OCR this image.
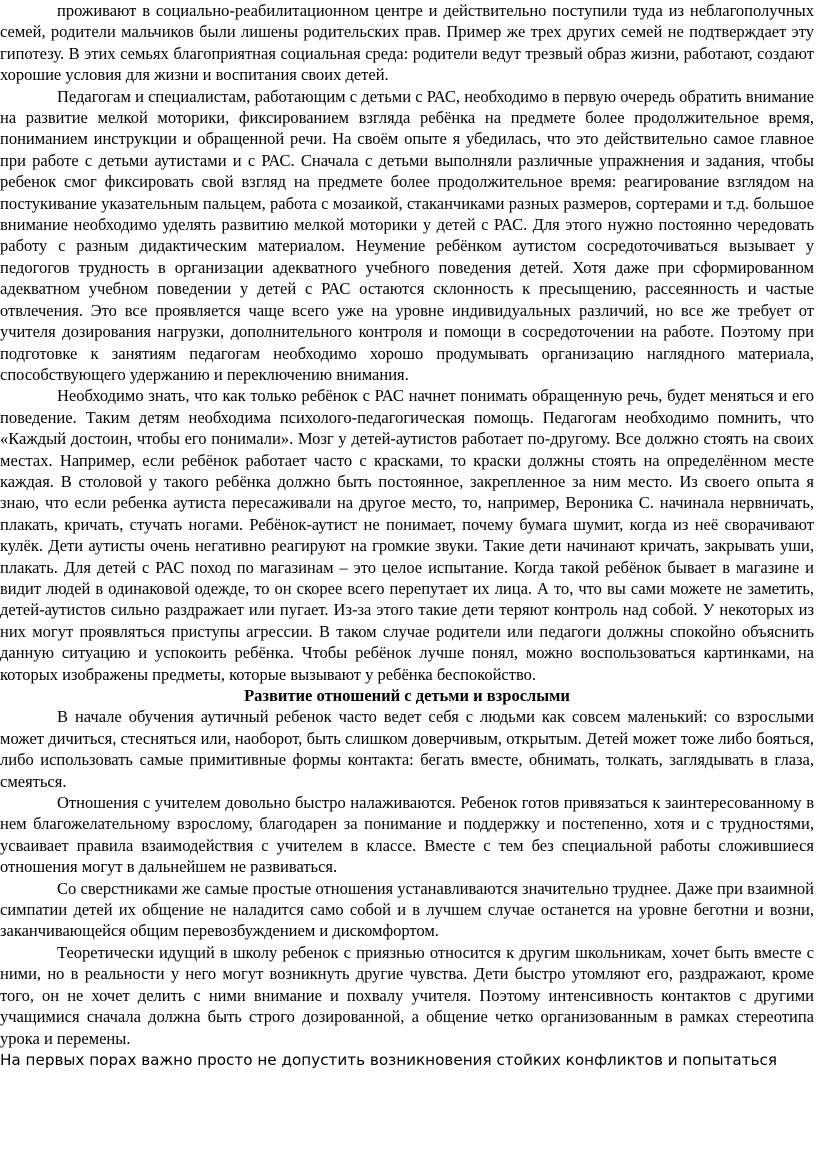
проживают в социально-реабилитационном центре и действительно поступили туда из неблагополучных семей, родители мальчиков были лишены родительских прав. Пример же трех других семей не подтверждает эту гипотезу. В этих семьях благоприятная социальная среда: родители ведут трезвый образ жизни, работают, создают хорошие условия для жизни и воспитания своих детей.

Педагогам и специалистам, работающим с детьми с РАС, необходимо в первую очередь обратить внимание на развитие мелкой моторики, фиксированием взгляда ребёнка на предмете более продолжительное время, пониманием инструкции и обращенной речи. На своём опыте я убедилась, что это действительно самое главное при работе с детьми аутистами и с РАС. Сначала с детьми выполняли различные упражнения и задания, чтобы ребенок смог фиксировать свой взгляд на предмете более продолжительное время: реагирование взглядом на постукивание указательным пальцем, работа с мозаикой, стаканчиками разных размеров, сортерами и т.д. большое внимание необходимо уделять развитию мелкой моторики у детей с РАС. Для этого нужно постоянно чередовать работу с разным дидактическим материалом. Неумение ребёнком аутистом сосредоточиваться вызывает у педогогов трудность в организации адекватного учебного поведения детей. Хотя даже при сформированном адекватном учебном поведении у детей с РАС остаются склонность к пресыщению, рассеянность и частые отвлечения. Это все проявляется чаще всего уже на уровне индивидуальных различий, но все же требует от учителя дозирования нагрузки, дополнительного контроля и помощи в сосредоточении на работе. Поэтому при подготовке к занятиям педагогам необходимо хорошо продумывать организацию наглядного материала, способствующего удержанию и переключению внимания.

Необходимо знать, что как только ребёнок с РАС начнет понимать обращенную речь, будет меняться и его поведение. Таким детям необходима психолого-педагогическая помощь. Педагогам необходимо помнить, что «Каждый достоин, чтобы его понимали». Мозг у детей-аутистов работает по-другому. Все должно стоять на своих местах. Например, если ребёнок работает часто с красками, то краски должны стоять на определённом месте каждая. В столовой у такого ребёнка должно быть постоянное, закрепленное за ним место. Из своего опыта я знаю, что если ребенка аутиста пересаживали на другое место, то, например, Вероника С. начинала нервничать, плакать, кричать, стучать ногами. Ребёнок-аутист не понимает, почему бумага шумит, когда из неё сворачивают кулёк. Дети аутисты очень негативно реагируют на громкие звуки. Такие дети начинают кричать, закрывать уши, плакать. Для детей с РАС поход по магазинам – это целое испытание. Когда такой ребёнок бывает в магазине и видит людей в одинаковой одежде, то он скорее всего перепутает их лица. А то, что вы сами можете не заметить, детей-аутистов сильно раздражает или пугает. Из-за этого такие дети теряют контроль над собой. У некоторых из них могут проявляться приступы агрессии. В таком случае родители или педагоги должны спокойно объяснить данную ситуацию и успокоить ребёнка. Чтобы ребёнок лучше понял, можно воспользоваться картинками, на которых изображены предметы, которые вызывают у ребёнка беспокойство.

Развитие отношений с детьми и взрослыми

В начале обучения аутичный ребенок часто ведет себя с людьми как совсем маленький: со взрослыми может дичиться, стесняться или, наоборот, быть слишком доверчивым, открытым. Детей может тоже либо бояться, либо использовать самые примитивные формы контакта: бегать вместе, обнимать, толкать, заглядывать в глаза, смеяться.

Отношения с учителем довольно быстро налаживаются. Ребенок готов привязаться к заинтересованному в нем благожелательному взрослому, благодарен за понимание и поддержку и постепенно, хотя и с трудностями, усваивает правила взаимодействия с учителем в классе. Вместе с тем без специальной работы сложившиеся отношения могут в дальнейшем не развиваться.

Со сверстниками же самые простые отношения устанавливаются значительно труднее. Даже при взаимной симпатии детей их общение не наладится само собой и в лучшем случае останется на уровне беготни и возни, заканчивающейся общим перевозбуждением и дискомфортом.

Теоретически идущий в школу ребенок с приязнью относится к другим школьникам, хочет быть вместе с ними, но в реальности у него могут возникнуть другие чувства. Дети быстро утомляют его, раздражают, кроме того, он не хочет делить с ними внимание и похвалу учителя. Поэтому интенсивность контактов с другими учащимися сначала должна быть строго дозированной, а общение четко организованным в рамках стереотипа урока и перемены.

На первых порах важно просто не допустить возникновения стойких конфликтов и попытаться
